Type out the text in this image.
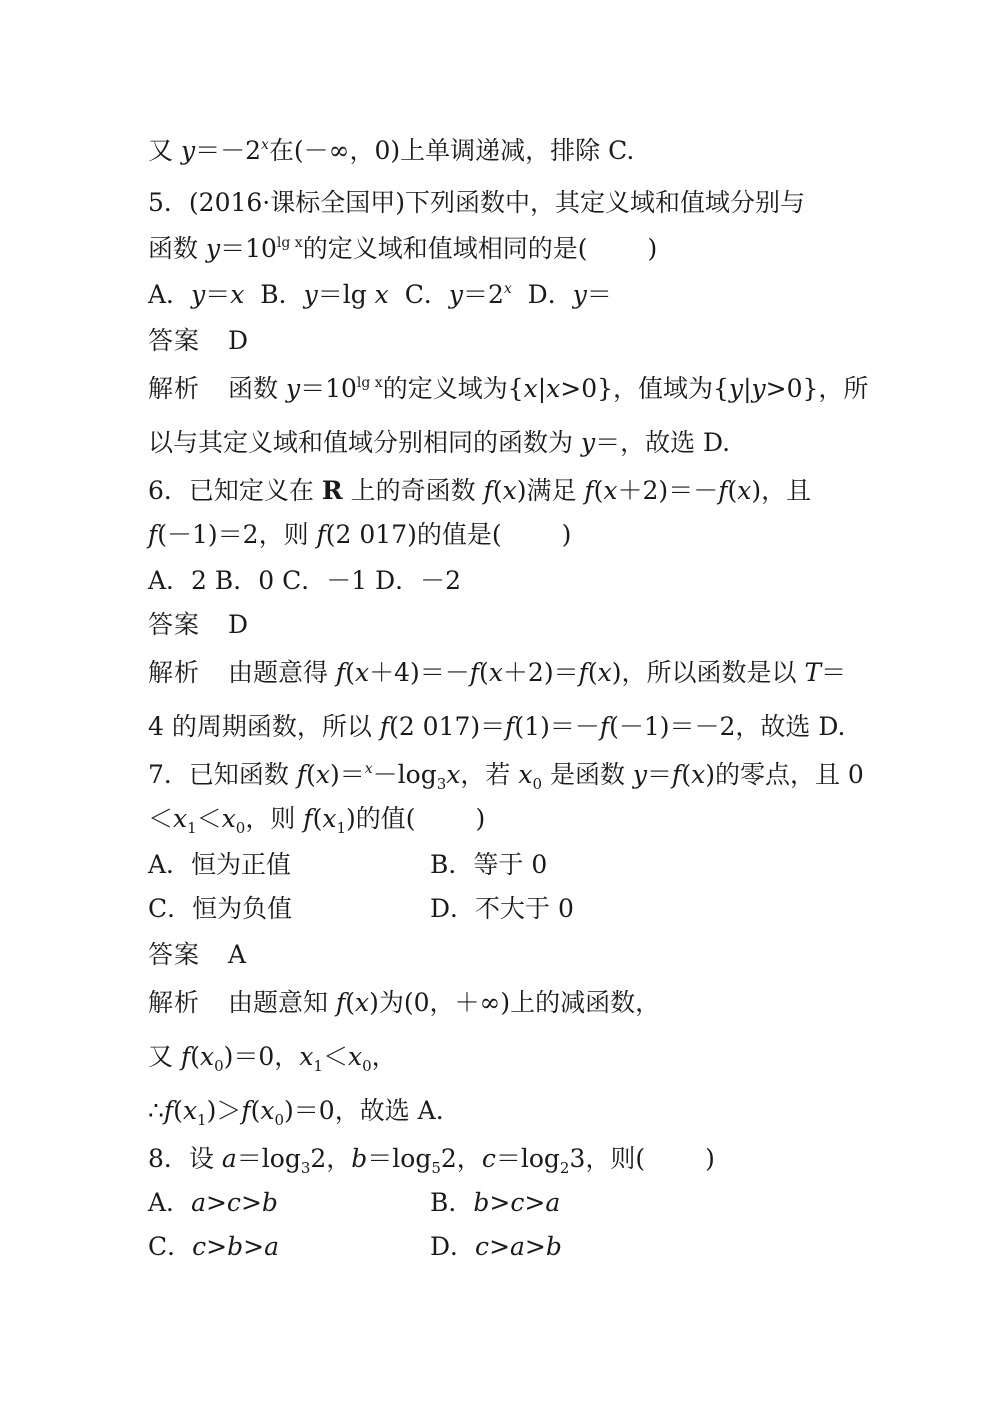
又 $y=-2^x$在(－∞，0)上单调递减，排除 C.
5．(2016·课标全国甲)下列函数中，其定义域和值域分别与
函数 $y=10^{lg x}$的定义域和值域相同的是( )
A．y＝x B．y＝lg x C．$y=2^x$ D．y＝
答案 D
解析 函数 $y=10^{lg x}$的定义域为{x|x>0}，值域为{y|y>0}，所
以与其定义域和值域分别相同的函数为 y＝，故选 D.
6．已知定义在 R 上的奇函数 f(x)满足 f(x＋2)＝－f(x)，且
f(－1)＝2，则 f(2 017)的值是( )
A．2 B．0 C．－1 D．－2
答案 D
解析 由题意得 f(x＋4)＝－f(x＋2)＝f(x)，所以函数是以 T＝
4 的周期函数，所以 f(2 017)＝f(1)＝－f(－1)＝－2，故选 D.
7．已知函数 $f(x)=^x-\log_3x$，若 $x_0$ 是函数 y＝f(x)的零点，且 0
$<x_1<x_0$，则 $f(x_1)$的值( )
A．恒为正值	B．等于 0
C．恒为负值	D．不大于 0
答案 A
解析 由题意知 f(x)为(0，＋∞)上的减函数，
又 $f(x_0)=0$，$x_1<x_0$，
$\therefore f(x_1)>f(x_0)=0$，故选 A.
8．设 $a=\log_32$，$b=\log_52$，$c=\log_23$，则( )
A．a>c>b	B．b>c>a
C．c>b>a	D．c>a>b
